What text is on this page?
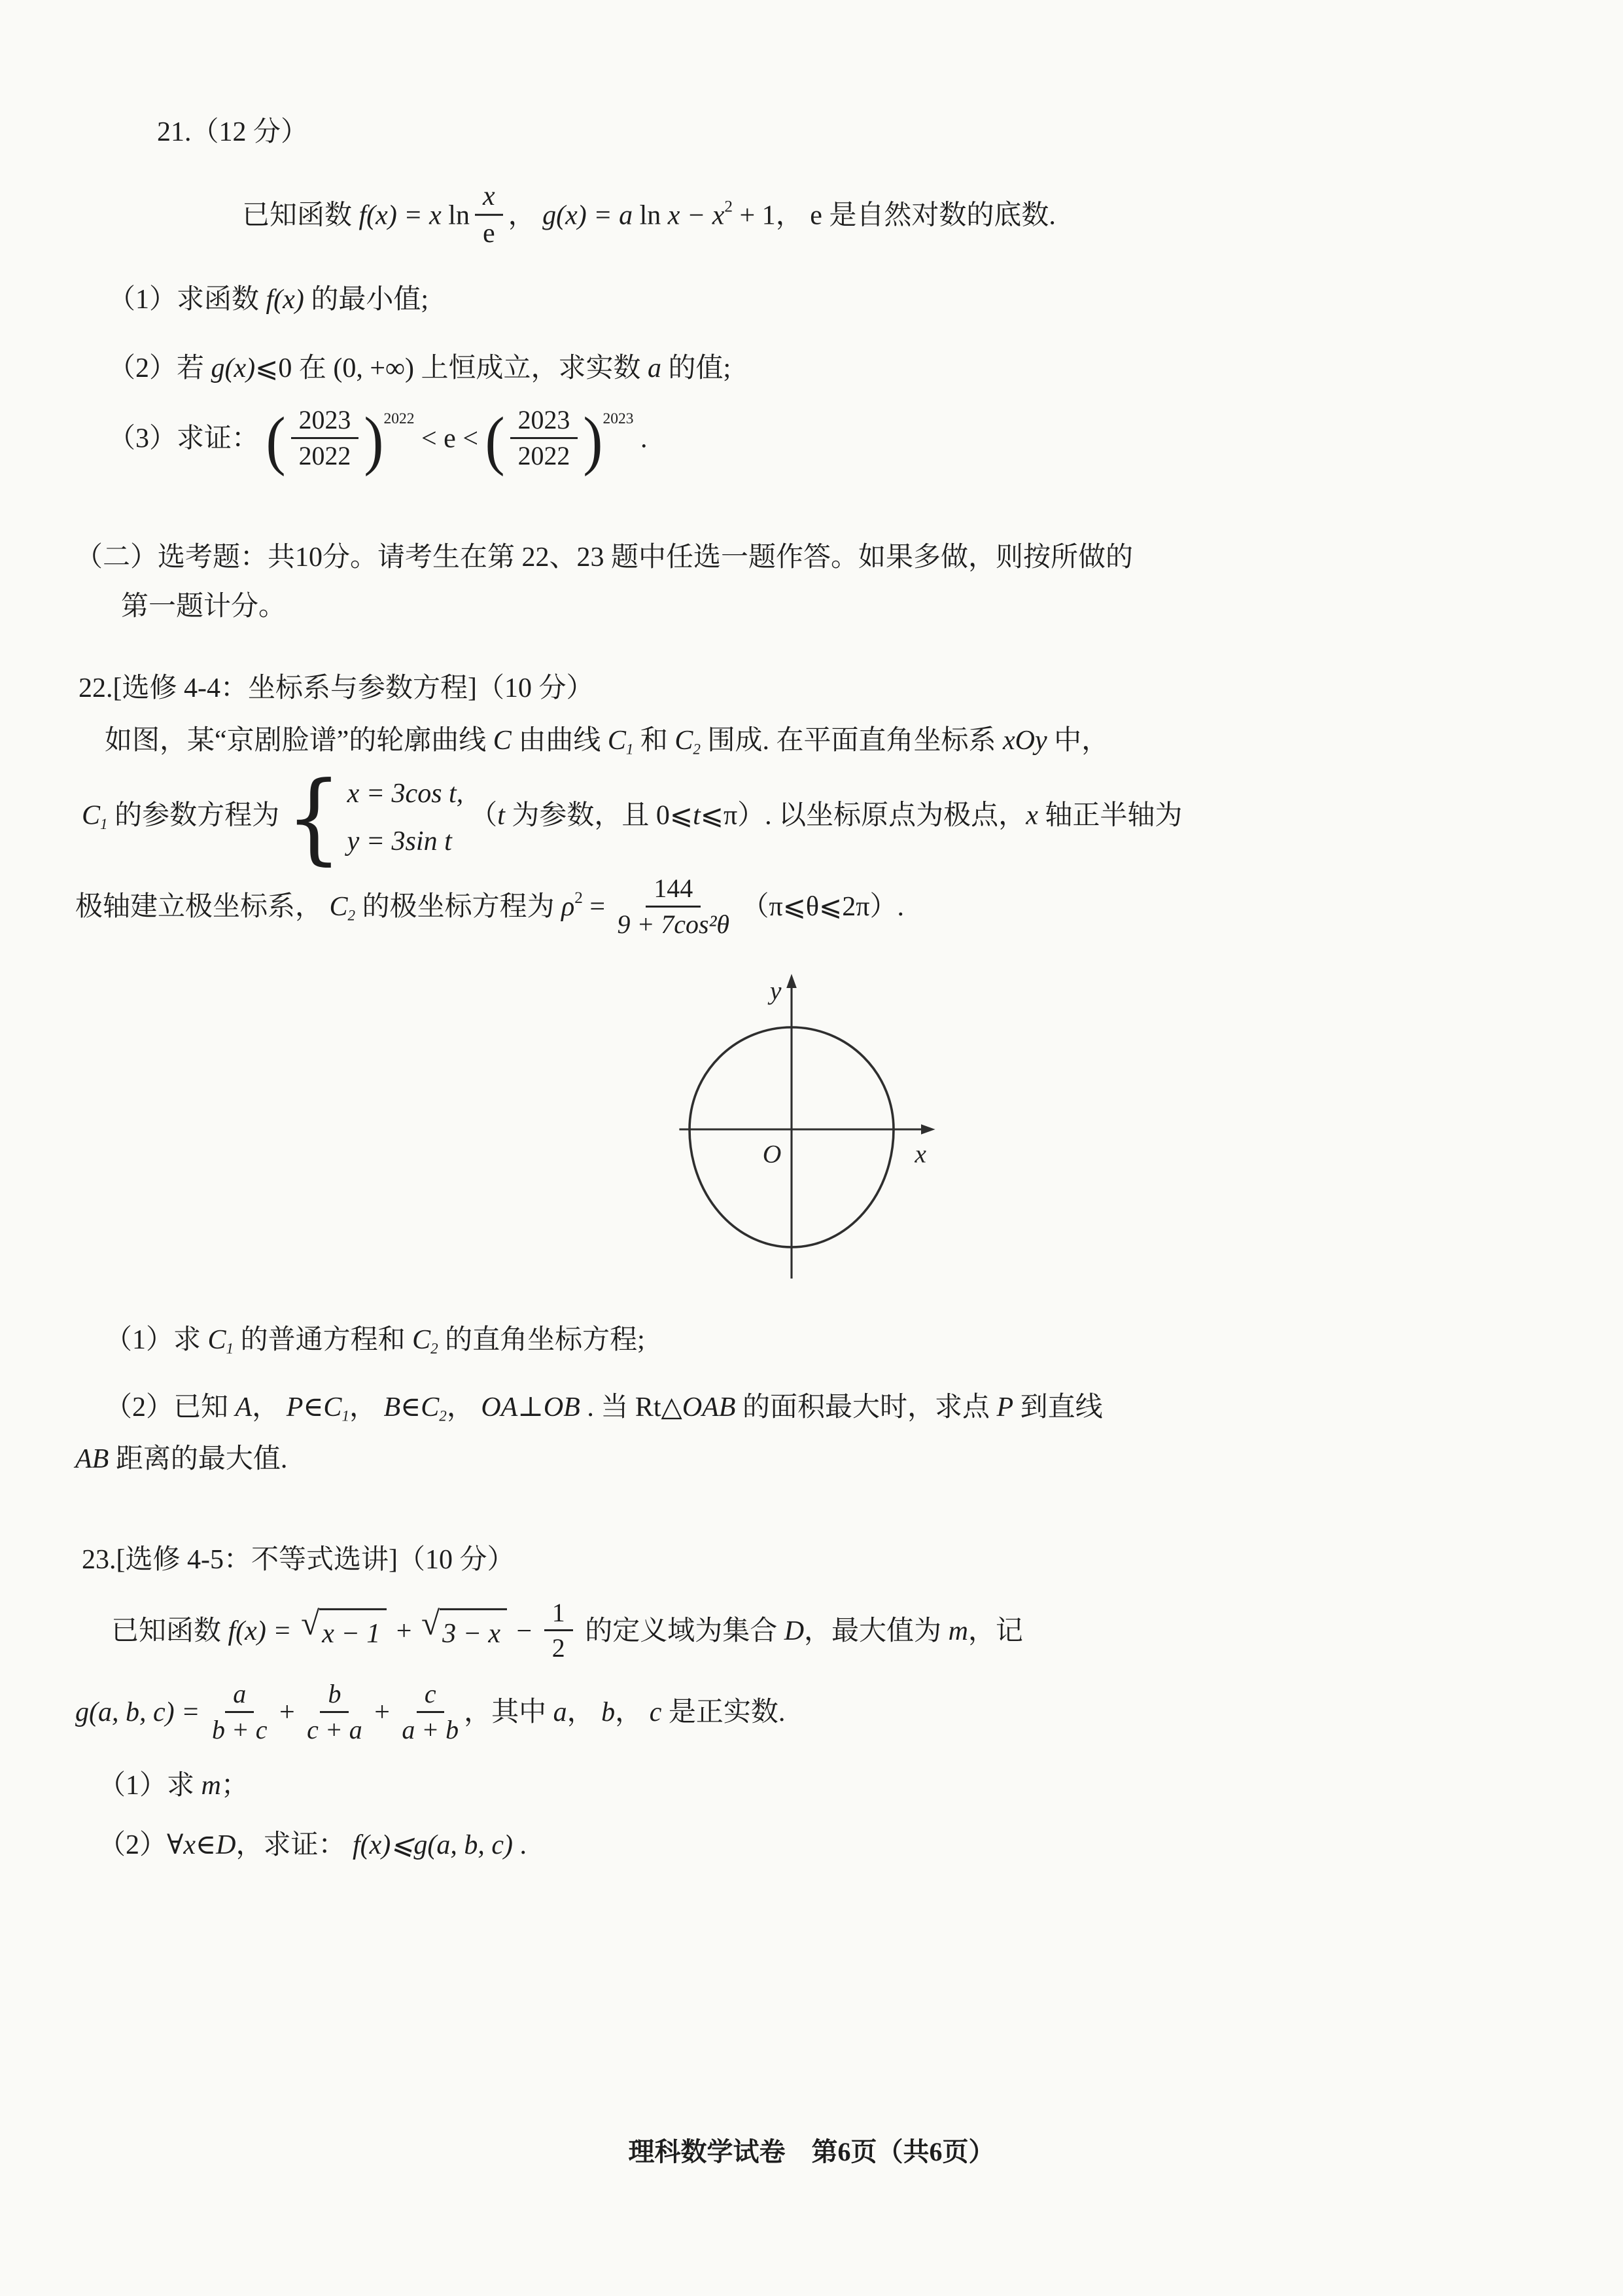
21.（12 分）

已知函数 f(x) = x $\ln \frac{x}{e}$ ， g(x) = a $\ln x - x^2 + 1$， e 是自然对数的底数.

（1）求函数 f(x) 的最小值;

（2）若 g(x)⩽0 在 (0, +∞) 上恒成立，求实数 a 的值;

（3）求证： ( $\frac{2023}{2022} )^{2022} < e$ < ( $\frac{2023}{2022} )^{2023}$ .

（二）选考题：共10分。请考生在第 22、23 题中任选一题作答。如果多做，则按所做的

第一题计分。

22.[选修 4-4：坐标系与参数方程]（10 分）

如图，某“京剧脸谱”的轮廓曲线 C 由曲线 $C_1$ 和 $C_2$ 围成. 在平面直角坐标系 xOy 中，

$C_1$ 的参数方程为 { x = 3cos t,
y = 3sin t
（t 为参数，且 0⩽t⩽π）. 以坐标原点为极点，x 轴正半轴为

极轴建立极坐标系， $C_2$ 的极坐标方程为 $\rho^2 = \frac{144}{\text{9 + 7cos²θ}}$ （π⩽θ⩽2π）.

y
O	x

（1）求 $C_1$ 的普通方程和 $C_2$ 的直角坐标方程;

（2）已知 A， $P\in C_1$， $B\in C_2$， OA⊥OB . 当 Rt△OAB 的面积最大时，求点 P 到直线

AB 距离的最大值.

23.[选修 4-5：不等式选讲]（10 分）

已知函数 f(x) = √ x − 1 + √ $3 - x - \frac{1}{2}$ 的定义域为集合 D，最大值为 m，记

g(a, b, $c) = \frac{a}{b + c} + \frac{b}{c + a} + \frac{c}{a + b}$ ，其中 a， b， c 是正实数.

（1）求 m；

（2）∀x∈D，求证： f(x)⩽g(a, b, c) .

理科数学试卷　第6页（共6页）
